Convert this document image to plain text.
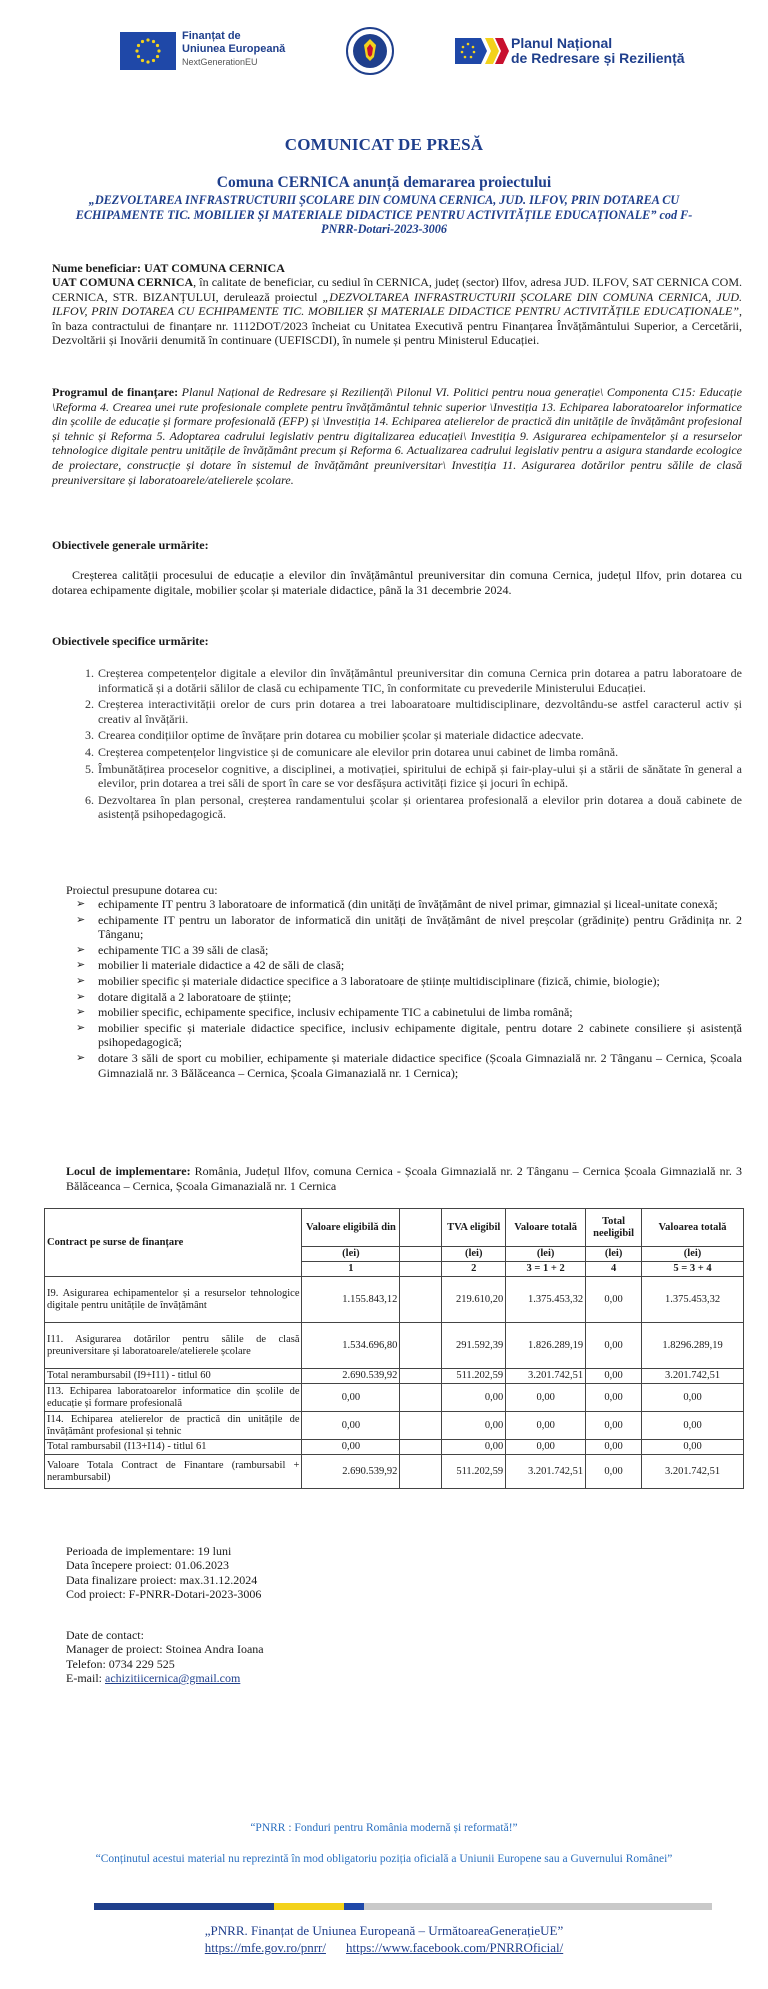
Finanțat de
Uniunea Europeană
NextGenerationEU
Planul Național
de Redresare și Reziliență
COMUNICAT DE PRESĂ
Comuna CERNICA anunță demararea proiectului
„DEZVOLTAREA INFRASTRUCTURII ȘCOLARE DIN COMUNA CERNICA, JUD. ILFOV, PRIN DOTAREA CU ECHIPAMENTE TIC. MOBILIER ȘI MATERIALE DIDACTICE PENTRU ACTIVITĂȚILE EDUCAȚIONALE” cod F-PNRR-Dotari-2023-3006
Nume beneficiar: UAT COMUNA CERNICA
UAT COMUNA CERNICA, în calitate de beneficiar, cu sediul în CERNICA, județ (sector) Ilfov, adresa JUD. ILFOV, SAT CERNICA COM. CERNICA, STR. BIZANȚULUI, derulează proiectul „DEZVOLTAREA INFRASTRUCTURII ȘCOLARE DIN COMUNA CERNICA, JUD. ILFOV, PRIN DOTAREA CU ECHIPAMENTE TIC. MOBILIER ȘI MATERIALE DIDACTICE PENTRU ACTIVITĂȚILE EDUCAȚIONALE”, în baza contractului de finanțare nr. 1112DOT/2023 încheiat cu Unitatea Executivă pentru Finanțarea Învățământului Superior, a Cercetării, Dezvoltării și Inovării denumită în continuare (UEFISCDI), în numele și pentru Ministerul Educației.
Programul de finanțare: Planul Național de Redresare și Reziliență\ Pilonul VI. Politici pentru noua generație\ Componenta C15: Educație \Reforma 4. Crearea unei rute profesionale complete pentru învățământul tehnic superior \Investiția 13. Echiparea laboratoarelor informatice din școlile de educație și formare profesională (EFP) și \Investiția 14. Echiparea atelierelor de practică din unitățile de învățământ profesional și tehnic și Reforma 5. Adoptarea cadrului legislativ pentru digitalizarea educației\ Investiția 9. Asigurarea echipamentelor și a resurselor tehnologice digitale pentru unitățile de învățământ precum și Reforma 6. Actualizarea cadrului legislativ pentru a asigura standarde ecologice de proiectare, construcție și dotare în sistemul de învățământ preuniversitar\ Investiția 11. Asigurarea dotărilor pentru sălile de clasă preuniversitare și laboratoarele/atelierele școlare.
Obiectivele generale urmărite:
Creșterea calității procesului de educație a elevilor din învățământul preuniversitar din comuna Cernica, județul Ilfov, prin dotarea cu dotarea echipamente digitale, mobilier școlar și materiale didactice, până la 31 decembrie 2024.
Obiectivele specifice urmărite:
1. Creșterea competențelor digitale a elevilor din învățământul preuniversitar din comuna Cernica prin dotarea a patru laboratoare de informatică și a dotării sălilor de clasă cu echipamente TIC, în conformitate cu prevederile Ministerului Educației.
2. Creșterea interactivității orelor de curs prin dotarea a trei laboaratoare multidisciplinare, dezvoltându-se astfel caracterul activ și creativ al învățării.
3. Crearea condițiilor optime de învățare prin dotarea cu mobilier școlar și materiale didactice adecvate.
4. Creșterea competențelor lingvistice și de comunicare ale elevilor prin dotarea unui cabinet de limba română.
5. Îmbunătățirea proceselor cognitive, a disciplinei, a motivației, spiritului de echipă și fair-play-ului și a stării de sănătate în general a elevilor, prin dotarea a trei săli de sport în care se vor desfășura activități fizice și jocuri în echipă.
6. Dezvoltarea în plan personal, creșterea randamentului școlar și orientarea profesională a elevilor prin dotarea a două cabinete de asistență psihopedagogică.
Proiectul presupune dotarea cu:
➢ echipamente IT pentru 3 laboratoare de informatică (din unități de învățământ de nivel primar, gimnazial și liceal-unitate conexă;
➢ echipamente IT pentru un laborator de informatică din unități de învățământ de nivel preșcolar (grădinițe) pentru Grădinița nr. 2 Tânganu;
➢ echipamente TIC a 39 săli de clasă;
➢ mobilier li materiale didactice a 42 de săli de clasă;
➢ mobilier specific și materiale didactice specifice a 3 laboratoare de științe multidisciplinare (fizică, chimie, biologie);
➢ dotare digitală a 2 laboratoare de științe;
➢ mobilier specific, echipamente specifice, inclusiv echipamente TIC a cabinetului de limba română;
➢ mobilier specific și materiale didactice specifice, inclusiv echipamente digitale, pentru dotare 2 cabinete consiliere și asistență psihopedagogică;
➢ dotare 3 săli de sport cu mobilier, echipamente și materiale didactice specifice (Școala Gimnazială nr. 2 Tânganu – Cernica, Școala Gimnazială nr. 3 Bălăceanca – Cernica, Școala Gimanazială nr. 1 Cernica);
Locul de implementare: România, Județul Ilfov, comuna Cernica - Școala Gimnazială nr. 2 Tânganu – Cernica Școala Gimnazială nr. 3 Bălăceanca – Cernica, Școala Gimanazială nr. 1 Cernica
Contract pe surse de finanțare	Valoare eligibilă din		TVA eligibil	Valoare totală	Total neeligibil	Valoarea totală
	(lei)		(lei)	(lei)	(lei)	(lei)
	1		2	3 = 1 + 2	4	5 = 3 + 4
I9. Asigurarea echipamentelor și a resurselor tehnologice digitale pentru unitățile de învățământ	1.155.843,12		219.610,20	1.375.453,32	0,00	1.375.453,32
I11. Asigurarea dotărilor pentru sălile de clasă preuniversitare și laboratoarele/atelierele școlare	1.534.696,80		291.592,39	1.826.289,19	0,00	1.8296.289,19
Total nerambursabil (I9+I11) - titlul 60	2.690.539,92		511.202,59	3.201.742,51	0,00	3.201.742,51
I13. Echiparea laboratoarelor informatice din școlile de educație și formare profesională	0,00		0,00	0,00	0,00	0,00
I14. Echiparea atelierelor de practică din unitățile de învățământ profesional și tehnic	0,00		0,00	0,00	0,00	0,00
Total rambursabil (I13+I14) - titlul 61	0,00		0,00	0,00	0,00	0,00
Valoare Totala Contract de Finantare (rambursabil + nerambursabil)	2.690.539,92		511.202,59	3.201.742,51	0,00	3.201.742,51
Perioada de implementare: 19 luni
Data începere proiect: 01.06.2023
Data finalizare proiect: max.31.12.2024
Cod proiect: F-PNRR-Dotari-2023-3006
Date de contact:
Manager de proiect: Stoinea Andra Ioana
Telefon: 0734 229 525
E-mail: achizitiicernica@gmail.com
“PNRR : Fonduri pentru România modernă și reformată!”
“Conținutul acestui material nu reprezintă în mod obligatoriu poziția oficială a Uniunii Europene sau a Guvernului Românei”
„PNRR. Finanțat de Uniunea Europeană – UrmătoareaGenerațieUE”
https://mfe.gov.ro/pnrr/ https://www.facebook.com/PNRROficial/
